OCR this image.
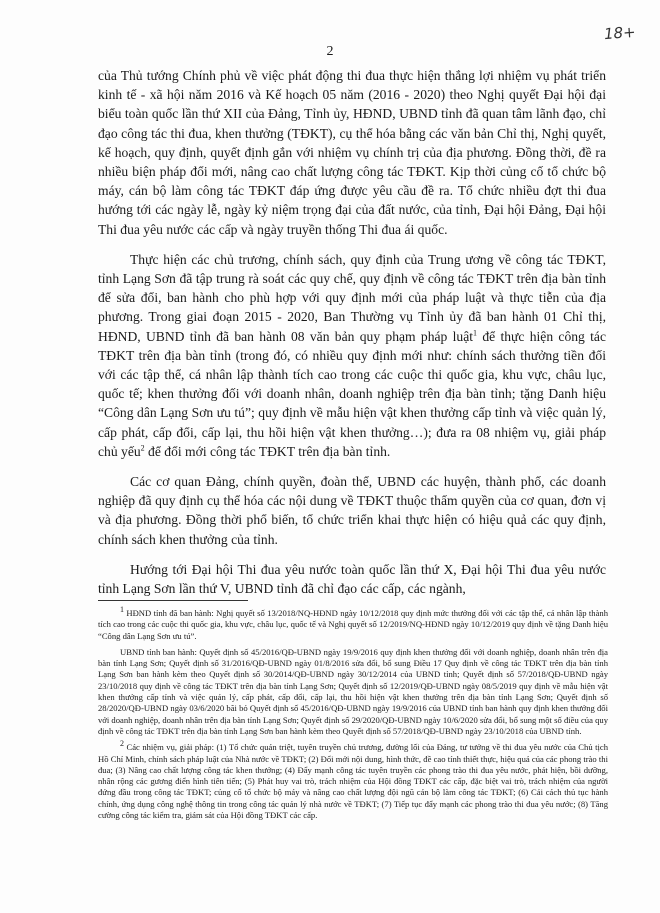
18+
2

của Thủ tướng Chính phủ về việc phát động thi đua thực hiện thắng lợi nhiệm vụ phát triển kinh tế - xã hội năm 2016 và Kế hoạch 05 năm (2016 - 2020) theo Nghị quyết Đại hội đại biểu toàn quốc lần thứ XII của Đảng, Tỉnh ủy, HĐND, UBND tỉnh đã quan tâm lãnh đạo, chỉ đạo công tác thi đua, khen thưởng (TĐKT), cụ thể hóa bằng các văn bản Chỉ thị, Nghị quyết, kế hoạch, quy định, quyết định gắn với nhiệm vụ chính trị của địa phương. Đồng thời, đề ra nhiều biện pháp đổi mới, nâng cao chất lượng công tác TĐKT. Kịp thời củng cố tổ chức bộ máy, cán bộ làm công tác TĐKT đáp ứng được yêu cầu đề ra. Tổ chức nhiều đợt thi đua hướng tới các ngày lễ, ngày kỷ niệm trọng đại của đất nước, của tỉnh, Đại hội Đảng, Đại hội Thi đua yêu nước các cấp và ngày truyền thống Thi đua ái quốc.

Thực hiện các chủ trương, chính sách, quy định của Trung ương về công tác TĐKT, tỉnh Lạng Sơn đã tập trung rà soát các quy chế, quy định về công tác TĐKT trên địa bàn tỉnh để sửa đổi, ban hành cho phù hợp với quy định mới của pháp luật và thực tiễn của địa phương. Trong giai đoạn 2015 - 2020, Ban Thường vụ Tỉnh ủy đã ban hành 01 Chỉ thị, HĐND, UBND tỉnh đã ban hành 08 văn bản quy phạm pháp luật$^1$ để thực hiện công tác TĐKT trên địa bàn tỉnh (trong đó, có nhiều quy định mới như: chính sách thưởng tiền đối với các tập thể, cá nhân lập thành tích cao trong các cuộc thi quốc gia, khu vực, châu lục, quốc tế; khen thưởng đối với doanh nhân, doanh nghiệp trên địa bàn tỉnh; tặng Danh hiệu “Công dân Lạng Sơn ưu tú”; quy định về mẫu hiện vật khen thưởng cấp tỉnh và việc quản lý, cấp phát, cấp đổi, cấp lại, thu hồi hiện vật khen thưởng…); đưa ra 08 nhiệm vụ, giải pháp chủ yếu$^2$ để đổi mới công tác TĐKT trên địa bàn tỉnh.

Các cơ quan Đảng, chính quyền, đoàn thể, UBND các huyện, thành phố, các doanh nghiệp đã quy định cụ thể hóa các nội dung về TĐKT thuộc thẩm quyền của cơ quan, đơn vị và địa phương. Đồng thời phổ biến, tổ chức triển khai thực hiện có hiệu quả các quy định, chính sách khen thưởng của tỉnh.

Hướng tới Đại hội Thi đua yêu nước toàn quốc lần thứ X, Đại hội Thi đua yêu nước tỉnh Lạng Sơn lần thứ V, UBND tỉnh đã chỉ đạo các cấp, các ngành,

$^1$ HĐND tỉnh đã ban hành: Nghị quyết số 13/2018/NQ-HĐND ngày 10/12/2018 quy định mức thưởng đối với các tập thể, cá nhân lập thành tích cao trong các cuộc thi quốc gia, khu vực, châu lục, quốc tế và Nghị quyết số 12/2019/NQ-HĐND ngày 10/12/2019 quy định về tặng Danh hiệu “Công dân Lạng Sơn ưu tú”.

UBND tỉnh ban hành: Quyết định số 45/2016/QĐ-UBND ngày 19/9/2016 quy định khen thưởng đối với doanh nghiệp, doanh nhân trên địa bàn tỉnh Lạng Sơn; Quyết định số 31/2016/QĐ-UBND ngày 01/8/2016 sửa đổi, bổ sung Điều 17 Quy định về công tác TĐKT trên địa bàn tỉnh Lạng Sơn ban hành kèm theo Quyết định số 30/2014/QĐ-UBND ngày 30/12/2014 của UBND tỉnh; Quyết định số 57/2018/QĐ-UBND ngày 23/10/2018 quy định về công tác TĐKT trên địa bàn tỉnh Lạng Sơn; Quyết định số 12/2019/QĐ-UBND ngày 08/5/2019 quy định về mẫu hiện vật khen thưởng cấp tỉnh và việc quản lý, cấp phát, cấp đổi, cấp lại, thu hồi hiện vật khen thưởng trên địa bàn tỉnh Lạng Sơn; Quyết định số 28/2020/QĐ-UBND ngày 03/6/2020 bãi bỏ Quyết định số 45/2016/QĐ-UBND ngày 19/9/2016 của UBND tỉnh ban hành quy định khen thưởng đối với doanh nghiệp, doanh nhân trên địa bàn tỉnh Lạng Sơn; Quyết định số 29/2020/QĐ-UBND ngày 10/6/2020 sửa đổi, bổ sung một số điều của quy định về công tác TĐKT trên địa bàn tỉnh Lạng Sơn ban hành kèm theo Quyết định số 57/2018/QĐ-UBND ngày 23/10/2018 của UBND tỉnh.

$^2$ Các nhiệm vụ, giải pháp: (1) Tổ chức quán triệt, tuyên truyền chủ trương, đường lối của Đảng, tư tưởng về thi đua yêu nước của Chủ tịch Hồ Chí Minh, chính sách pháp luật của Nhà nước về TĐKT; (2) Đổi mới nội dung, hình thức, đề cao tính thiết thực, hiệu quả của các phong trào thi đua; (3) Nâng cao chất lượng công tác khen thưởng; (4) Đẩy mạnh công tác tuyên truyền các phong trào thi đua yêu nước, phát hiện, bồi dưỡng, nhân rộng các gương điển hình tiên tiến; (5) Phát huy vai trò, trách nhiệm của Hội đồng TĐKT các cấp, đặc biệt vai trò, trách nhiệm của người đứng đầu trong công tác TĐKT; củng cố tổ chức bộ máy và nâng cao chất lượng đội ngũ cán bộ làm công tác TĐKT; (6) Cải cách thủ tục hành chính, ứng dụng công nghệ thông tin trong công tác quản lý nhà nước về TĐKT; (7) Tiếp tục đẩy mạnh các phong trào thi đua yêu nước; (8) Tăng cường công tác kiểm tra, giám sát của Hội đồng TĐKT các cấp.
